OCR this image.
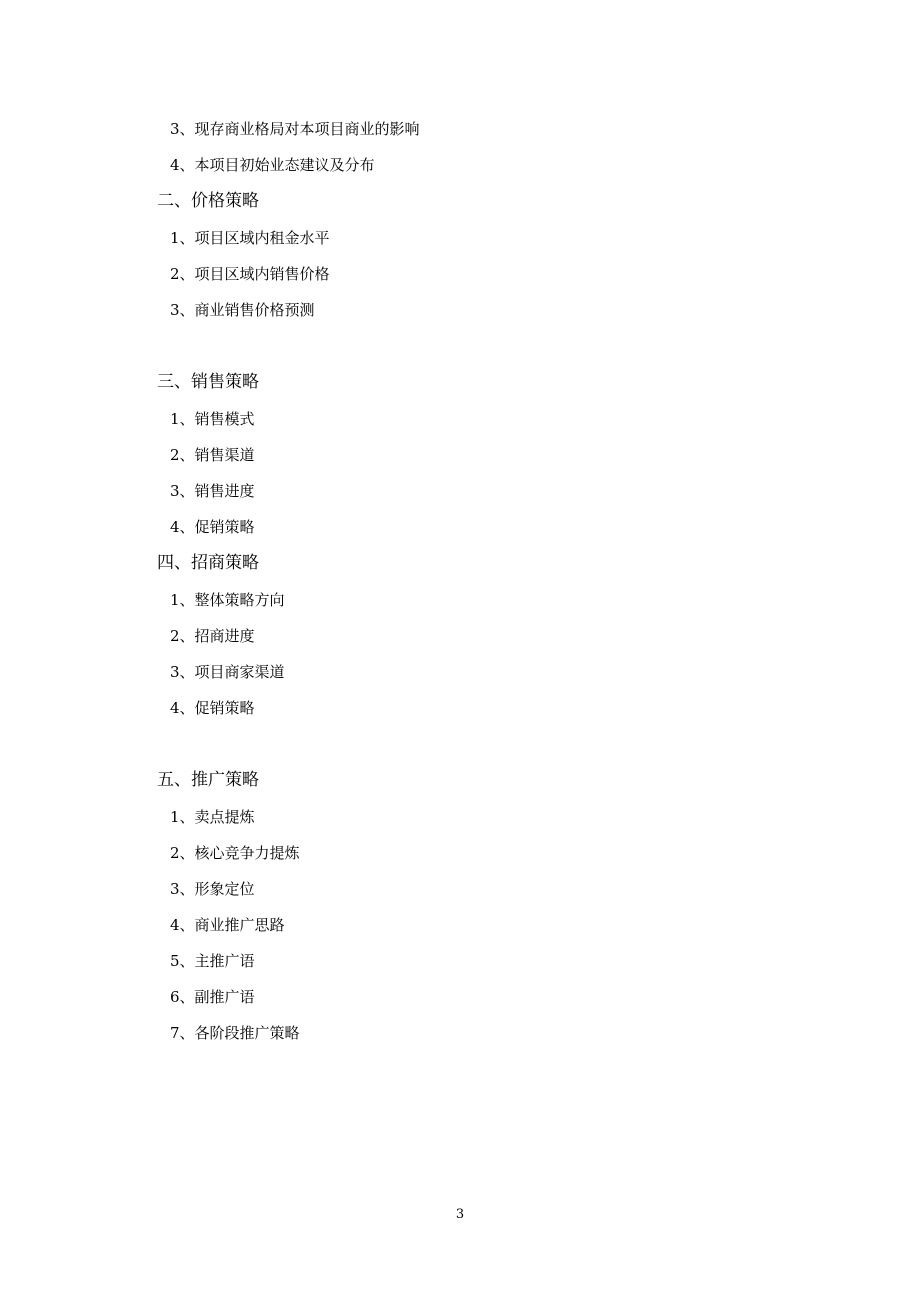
3、现存商业格局对本项目商业的影响
4、本项目初始业态建议及分布
二、价格策略
1、项目区域内租金水平
2、项目区域内销售价格
3、商业销售价格预测
三、销售策略
1、销售模式
2、销售渠道
3、销售进度
4、促销策略
四、招商策略
1、整体策略方向
2、招商进度
3、项目商家渠道
4、促销策略
五、推广策略
1、卖点提炼
2、核心竞争力提炼
3、形象定位
4、商业推广思路
5、主推广语
6、副推广语
7、各阶段推广策略
3
